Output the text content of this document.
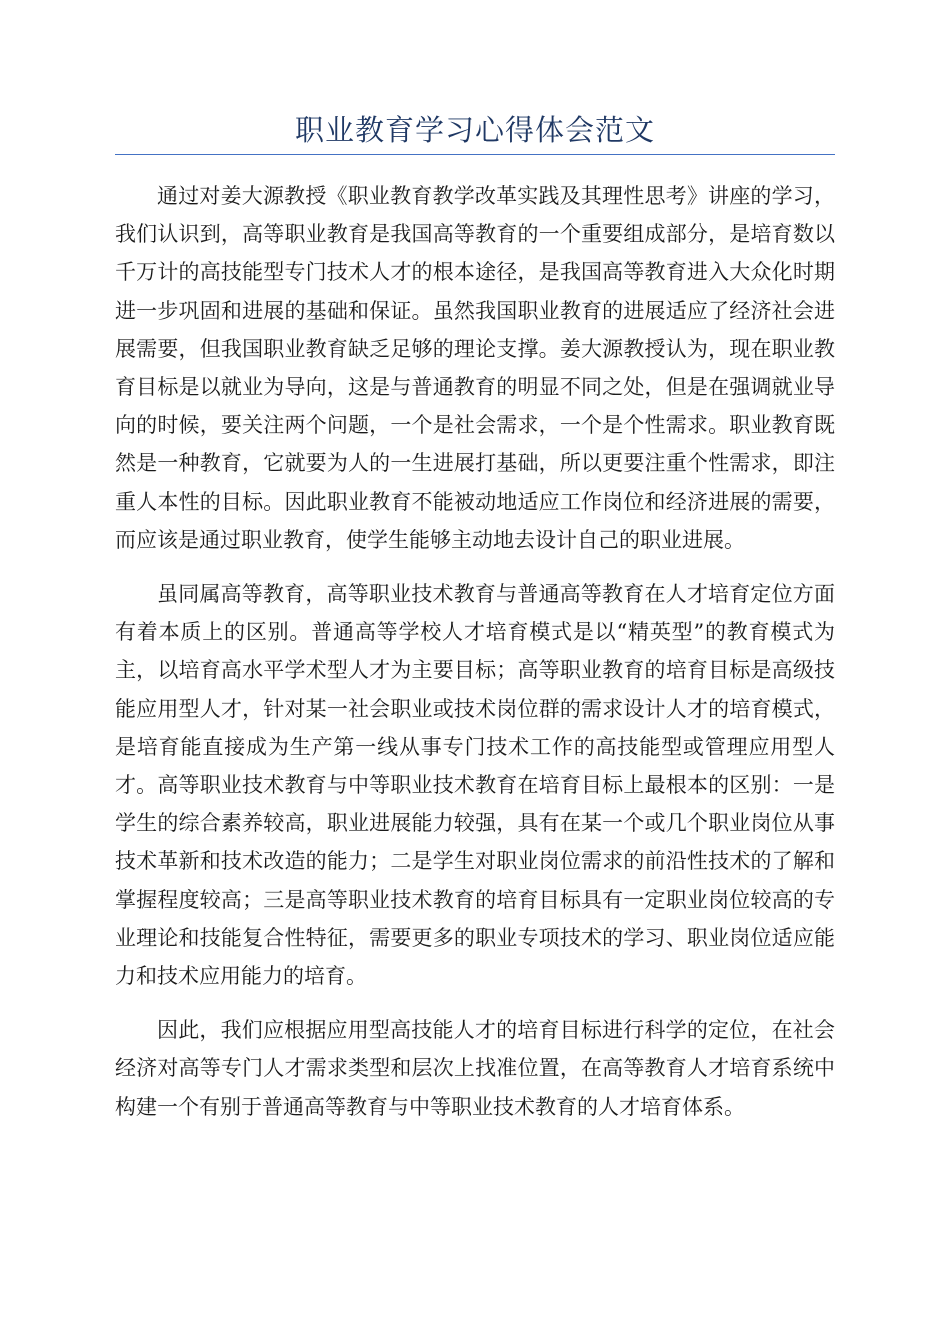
职业教育学习心得体会范文

通过对姜大源教授《职业教育教学改革实践及其理性思考》讲座的学习，我们认识到，高等职业教育是我国高等教育的一个重要组成部分，是培育数以千万计的高技能型专门技术人才的根本途径，是我国高等教育进入大众化时期进一步巩固和进展的基础和保证。虽然我国职业教育的进展适应了经济社会进展需要，但我国职业教育缺乏足够的理论支撑。姜大源教授认为，现在职业教育目标是以就业为导向，这是与普通教育的明显不同之处，但是在强调就业导向的时候，要关注两个问题，一个是社会需求，一个是个性需求。职业教育既然是一种教育，它就要为人的一生进展打基础，所以更要注重个性需求，即注重人本性的目标。因此职业教育不能被动地适应工作岗位和经济进展的需要，而应该是通过职业教育，使学生能够主动地去设计自己的职业进展。

虽同属高等教育，高等职业技术教育与普通高等教育在人才培育定位方面有着本质上的区别。普通高等学校人才培育模式是以“精英型”的教育模式为主，以培育高水平学术型人才为主要目标；高等职业教育的培育目标是高级技能应用型人才，针对某一社会职业或技术岗位群的需求设计人才的培育模式，是培育能直接成为生产第一线从事专门技术工作的高技能型或管理应用型人才。高等职业技术教育与中等职业技术教育在培育目标上最根本的区别：一是学生的综合素养较高，职业进展能力较强，具有在某一个或几个职业岗位从事技术革新和技术改造的能力；二是学生对职业岗位需求的前沿性技术的了解和掌握程度较高；三是高等职业技术教育的培育目标具有一定职业岗位较高的专业理论和技能复合性特征，需要更多的职业专项技术的学习、职业岗位适应能力和技术应用能力的培育。

因此，我们应根据应用型高技能人才的培育目标进行科学的定位，在社会经济对高等专门人才需求类型和层次上找准位置，在高等教育人才培育系统中构建一个有别于普通高等教育与中等职业技术教育的人才培育体系。
